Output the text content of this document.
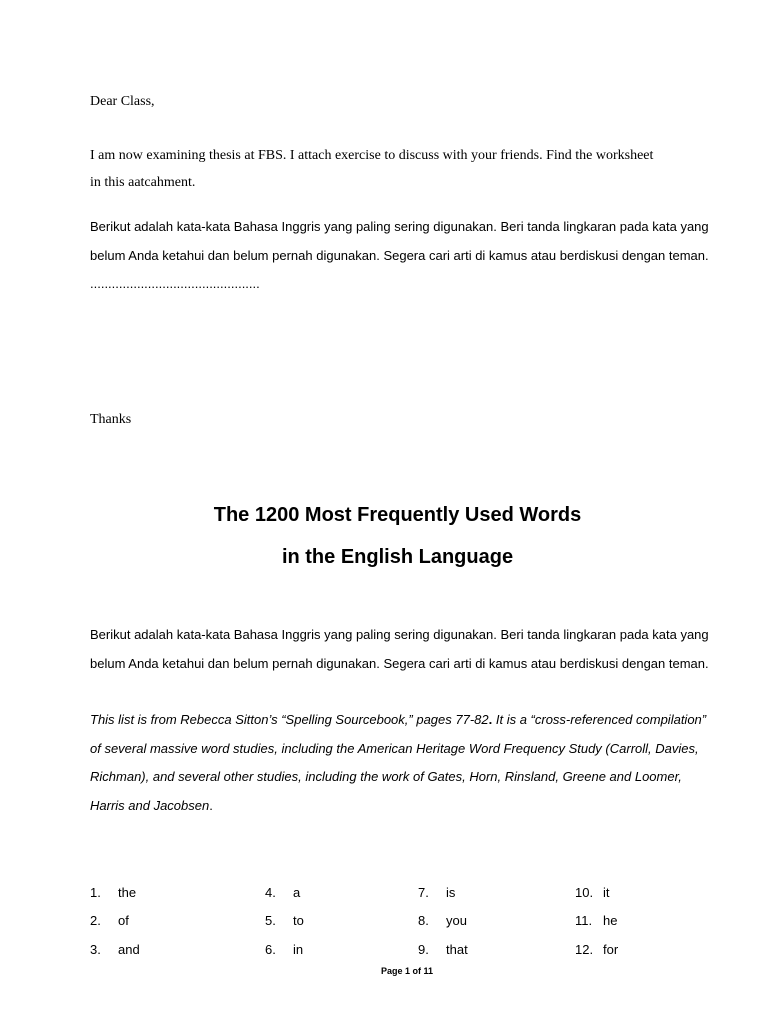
Dear Class,
I am now examining thesis at FBS. I attach exercise to discuss with your friends. Find the worksheet
in this aatcahment.
Berikut adalah kata-kata Bahasa Inggris yang paling sering digunakan. Beri tanda lingkaran pada kata yang belum Anda ketahui dan belum pernah digunakan. Segera cari arti di kamus atau berdiskusi dengan teman. ...............................................
Thanks
The 1200 Most Frequently Used Words
in the English Language
Berikut adalah kata-kata Bahasa Inggris yang paling sering digunakan. Beri tanda lingkaran pada kata yang belum Anda ketahui dan belum pernah digunakan. Segera cari arti di kamus atau berdiskusi dengan teman.
This list is from Rebecca Sitton’s “Spelling Sourcebook,” pages 77-82. It is a “cross-referenced compilation” of several massive word studies, including the American Heritage Word Frequency Study (Carroll, Davies, Richman), and several other studies, including the work of Gates, Horn, Rinsland, Greene and Loomer, Harris and Jacobsen.
1. the
2. of
3. and
4. a
5. to
6. in
7. is
8. you
9. that
10. it
11. he
12. for
Page 1 of 11
